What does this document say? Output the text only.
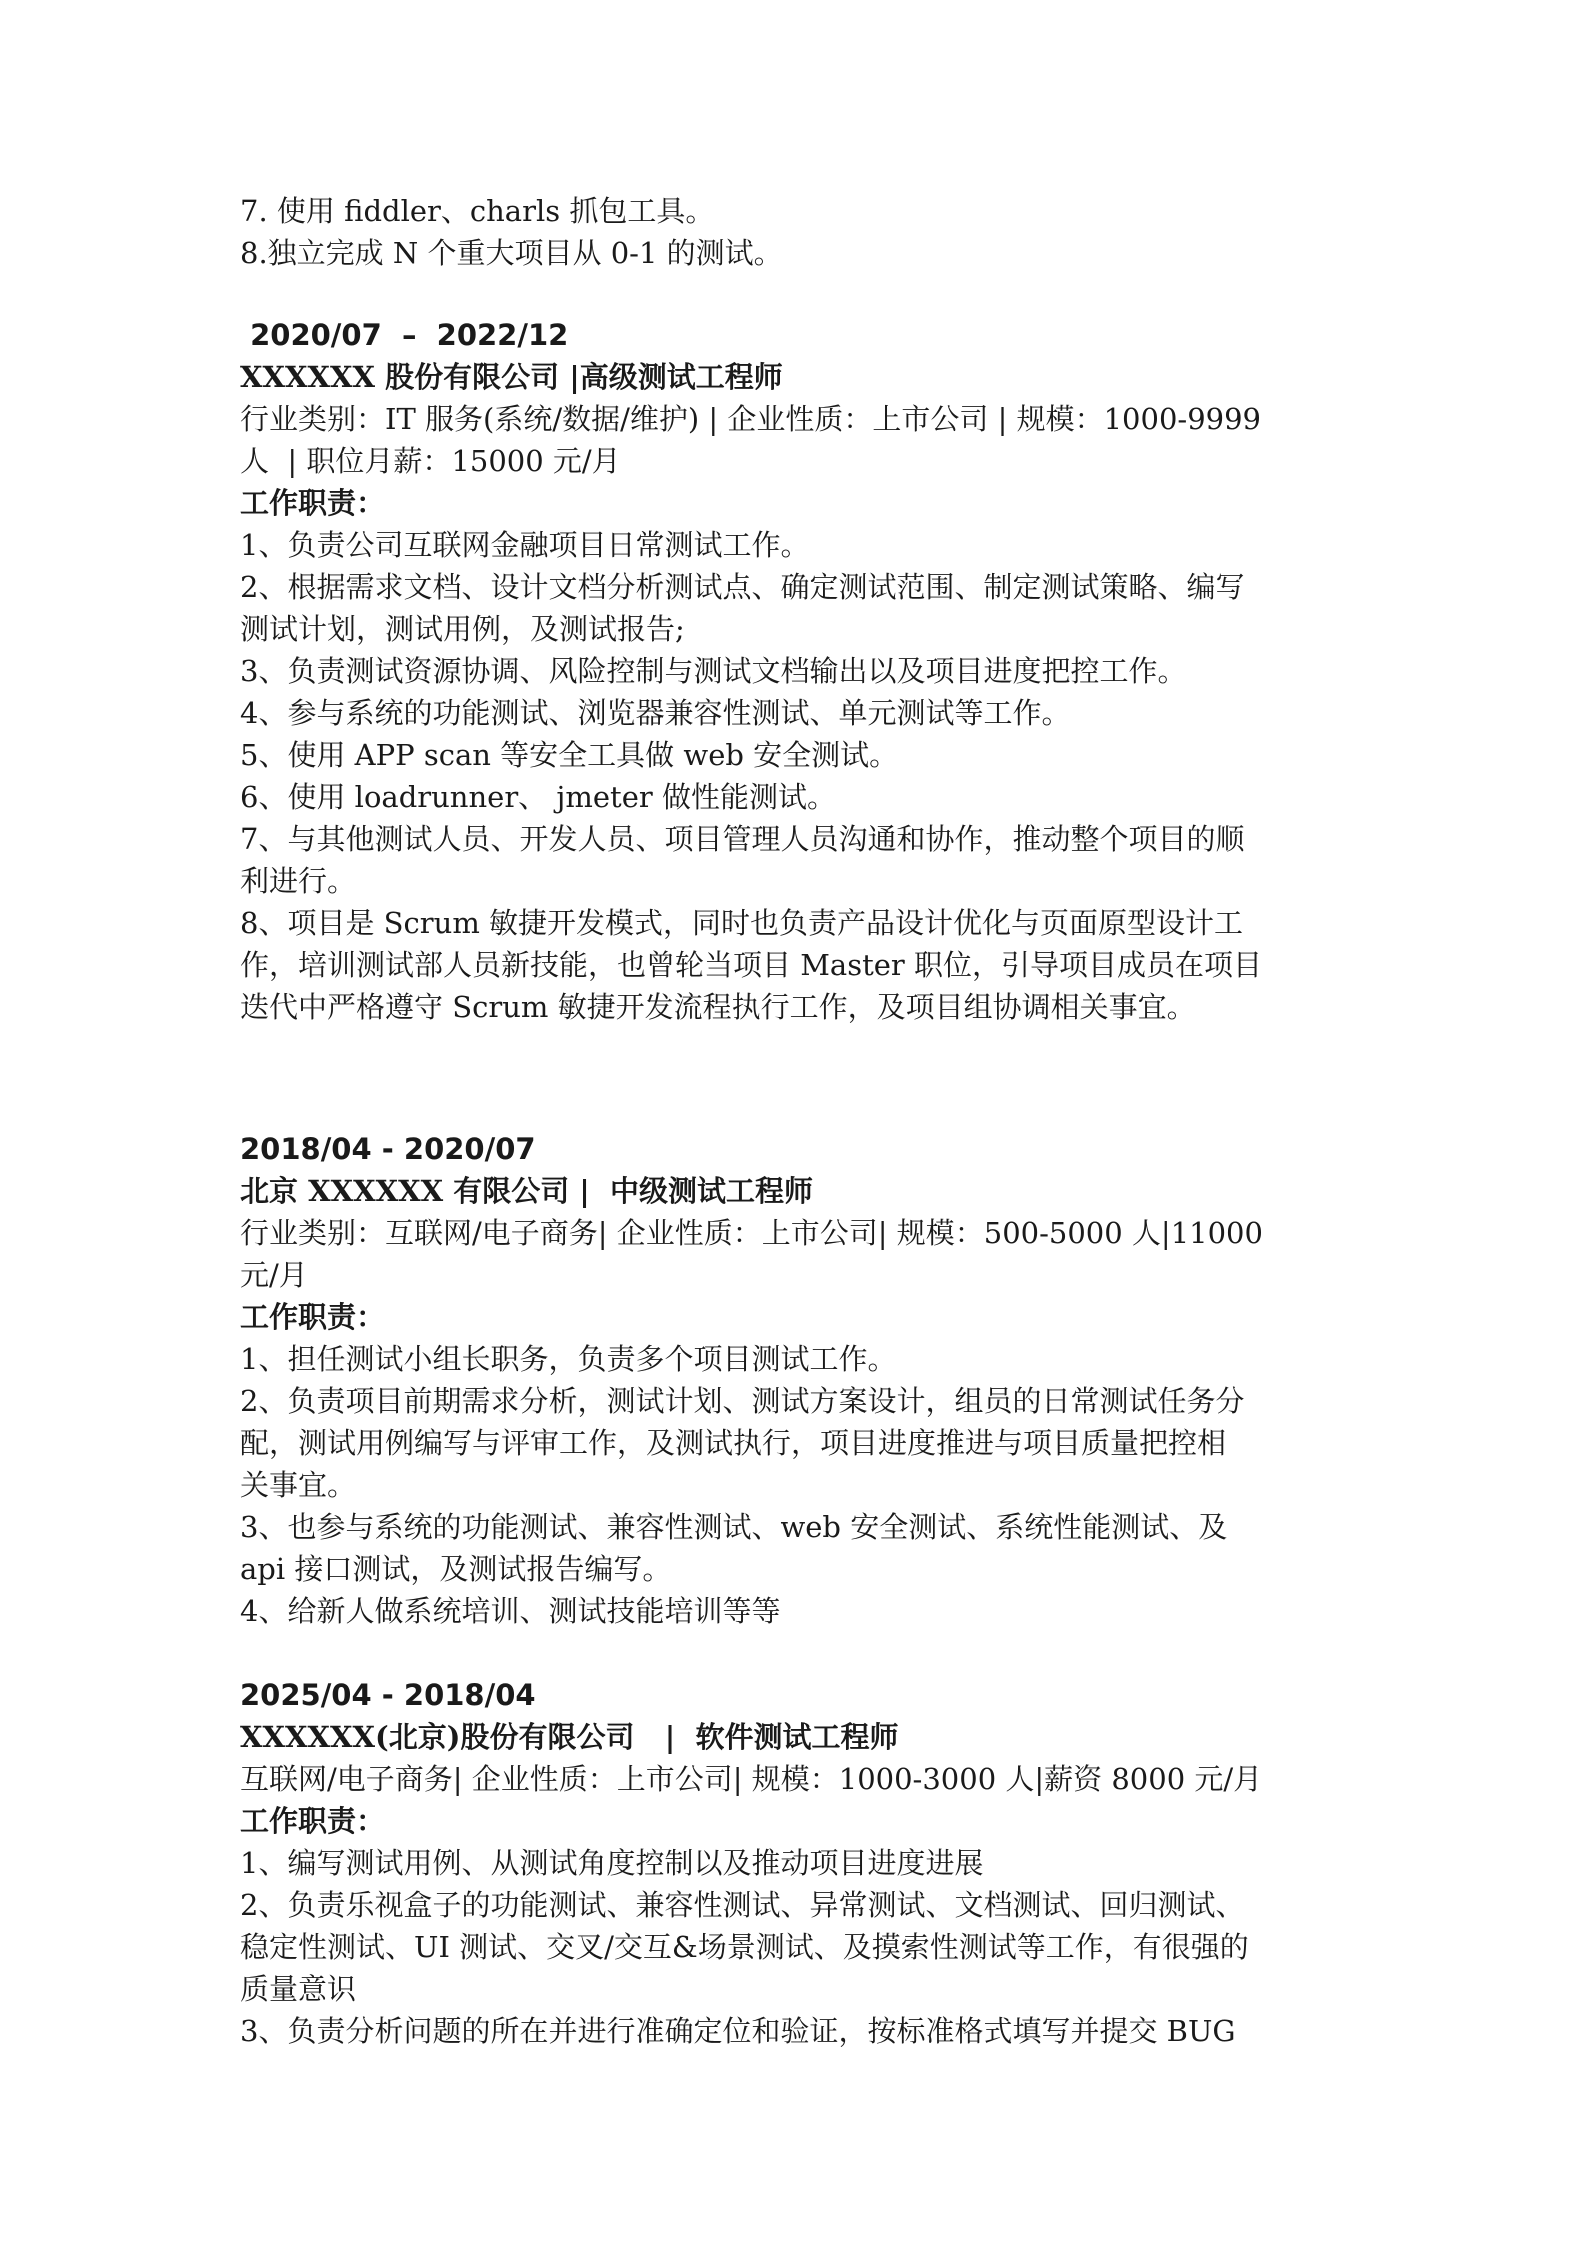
7. 使用 fiddler、charls 抓包工具。

8.独立完成 N 个重大项目从 0-1 的测试。

2020/07  –  2022/12

XXXXXX 股份有限公司 |高级测试工程师

行业类别：IT 服务(系统/数据/维护) | 企业性质：上市公司 | 规模：1000-9999

人  | 职位月薪：15000 元/月

工作职责：

1、负责公司互联网金融项目日常测试工作。

2、根据需求文档、设计文档分析测试点、确定测试范围、制定测试策略、编写

测试计划，测试用例，及测试报告;

3、负责测试资源协调、风险控制与测试文档输出以及项目进度把控工作。

4、参与系统的功能测试、浏览器兼容性测试、单元测试等工作。

5、使用 APP scan 等安全工具做 web 安全测试。

6、使用 loadrunner、 jmeter 做性能测试。

7、与其他测试人员、开发人员、项目管理人员沟通和协作，推动整个项目的顺

利进行。

8、项目是 Scrum 敏捷开发模式，同时也负责产品设计优化与页面原型设计工

作，培训测试部人员新技能，也曾轮当项目 Master 职位，引导项目成员在项目

迭代中严格遵守 Scrum 敏捷开发流程执行工作，及项目组协调相关事宜。

2018/04 - 2020/07

北京 XXXXXX 有限公司 |  中级测试工程师

行业类别：互联网/电子商务| 企业性质：上市公司| 规模：500-5000 人|11000

元/月

工作职责：

1、担任测试小组长职务，负责多个项目测试工作。

2、负责项目前期需求分析，测试计划、测试方案设计，组员的日常测试任务分

配，测试用例编写与评审工作，及测试执行，项目进度推进与项目质量把控相

关事宜。

3、也参与系统的功能测试、兼容性测试、web 安全测试、系统性能测试、及

api 接口测试，及测试报告编写。

4、给新人做系统培训、测试技能培训等等

2025/04 - 2018/04

XXXXXX(北京)股份有限公司   |  软件测试工程师

互联网/电子商务| 企业性质：上市公司| 规模：1000-3000 人|薪资 8000 元/月

工作职责：

1、编写测试用例、从测试角度控制以及推动项目进度进展

2、负责乐视盒子的功能测试、兼容性测试、异常测试、文档测试、回归测试、

稳定性测试、UI 测试、交叉/交互&场景测试、及摸索性测试等工作，有很强的

质量意识

3、负责分析问题的所在并进行准确定位和验证，按标准格式填写并提交 BUG
